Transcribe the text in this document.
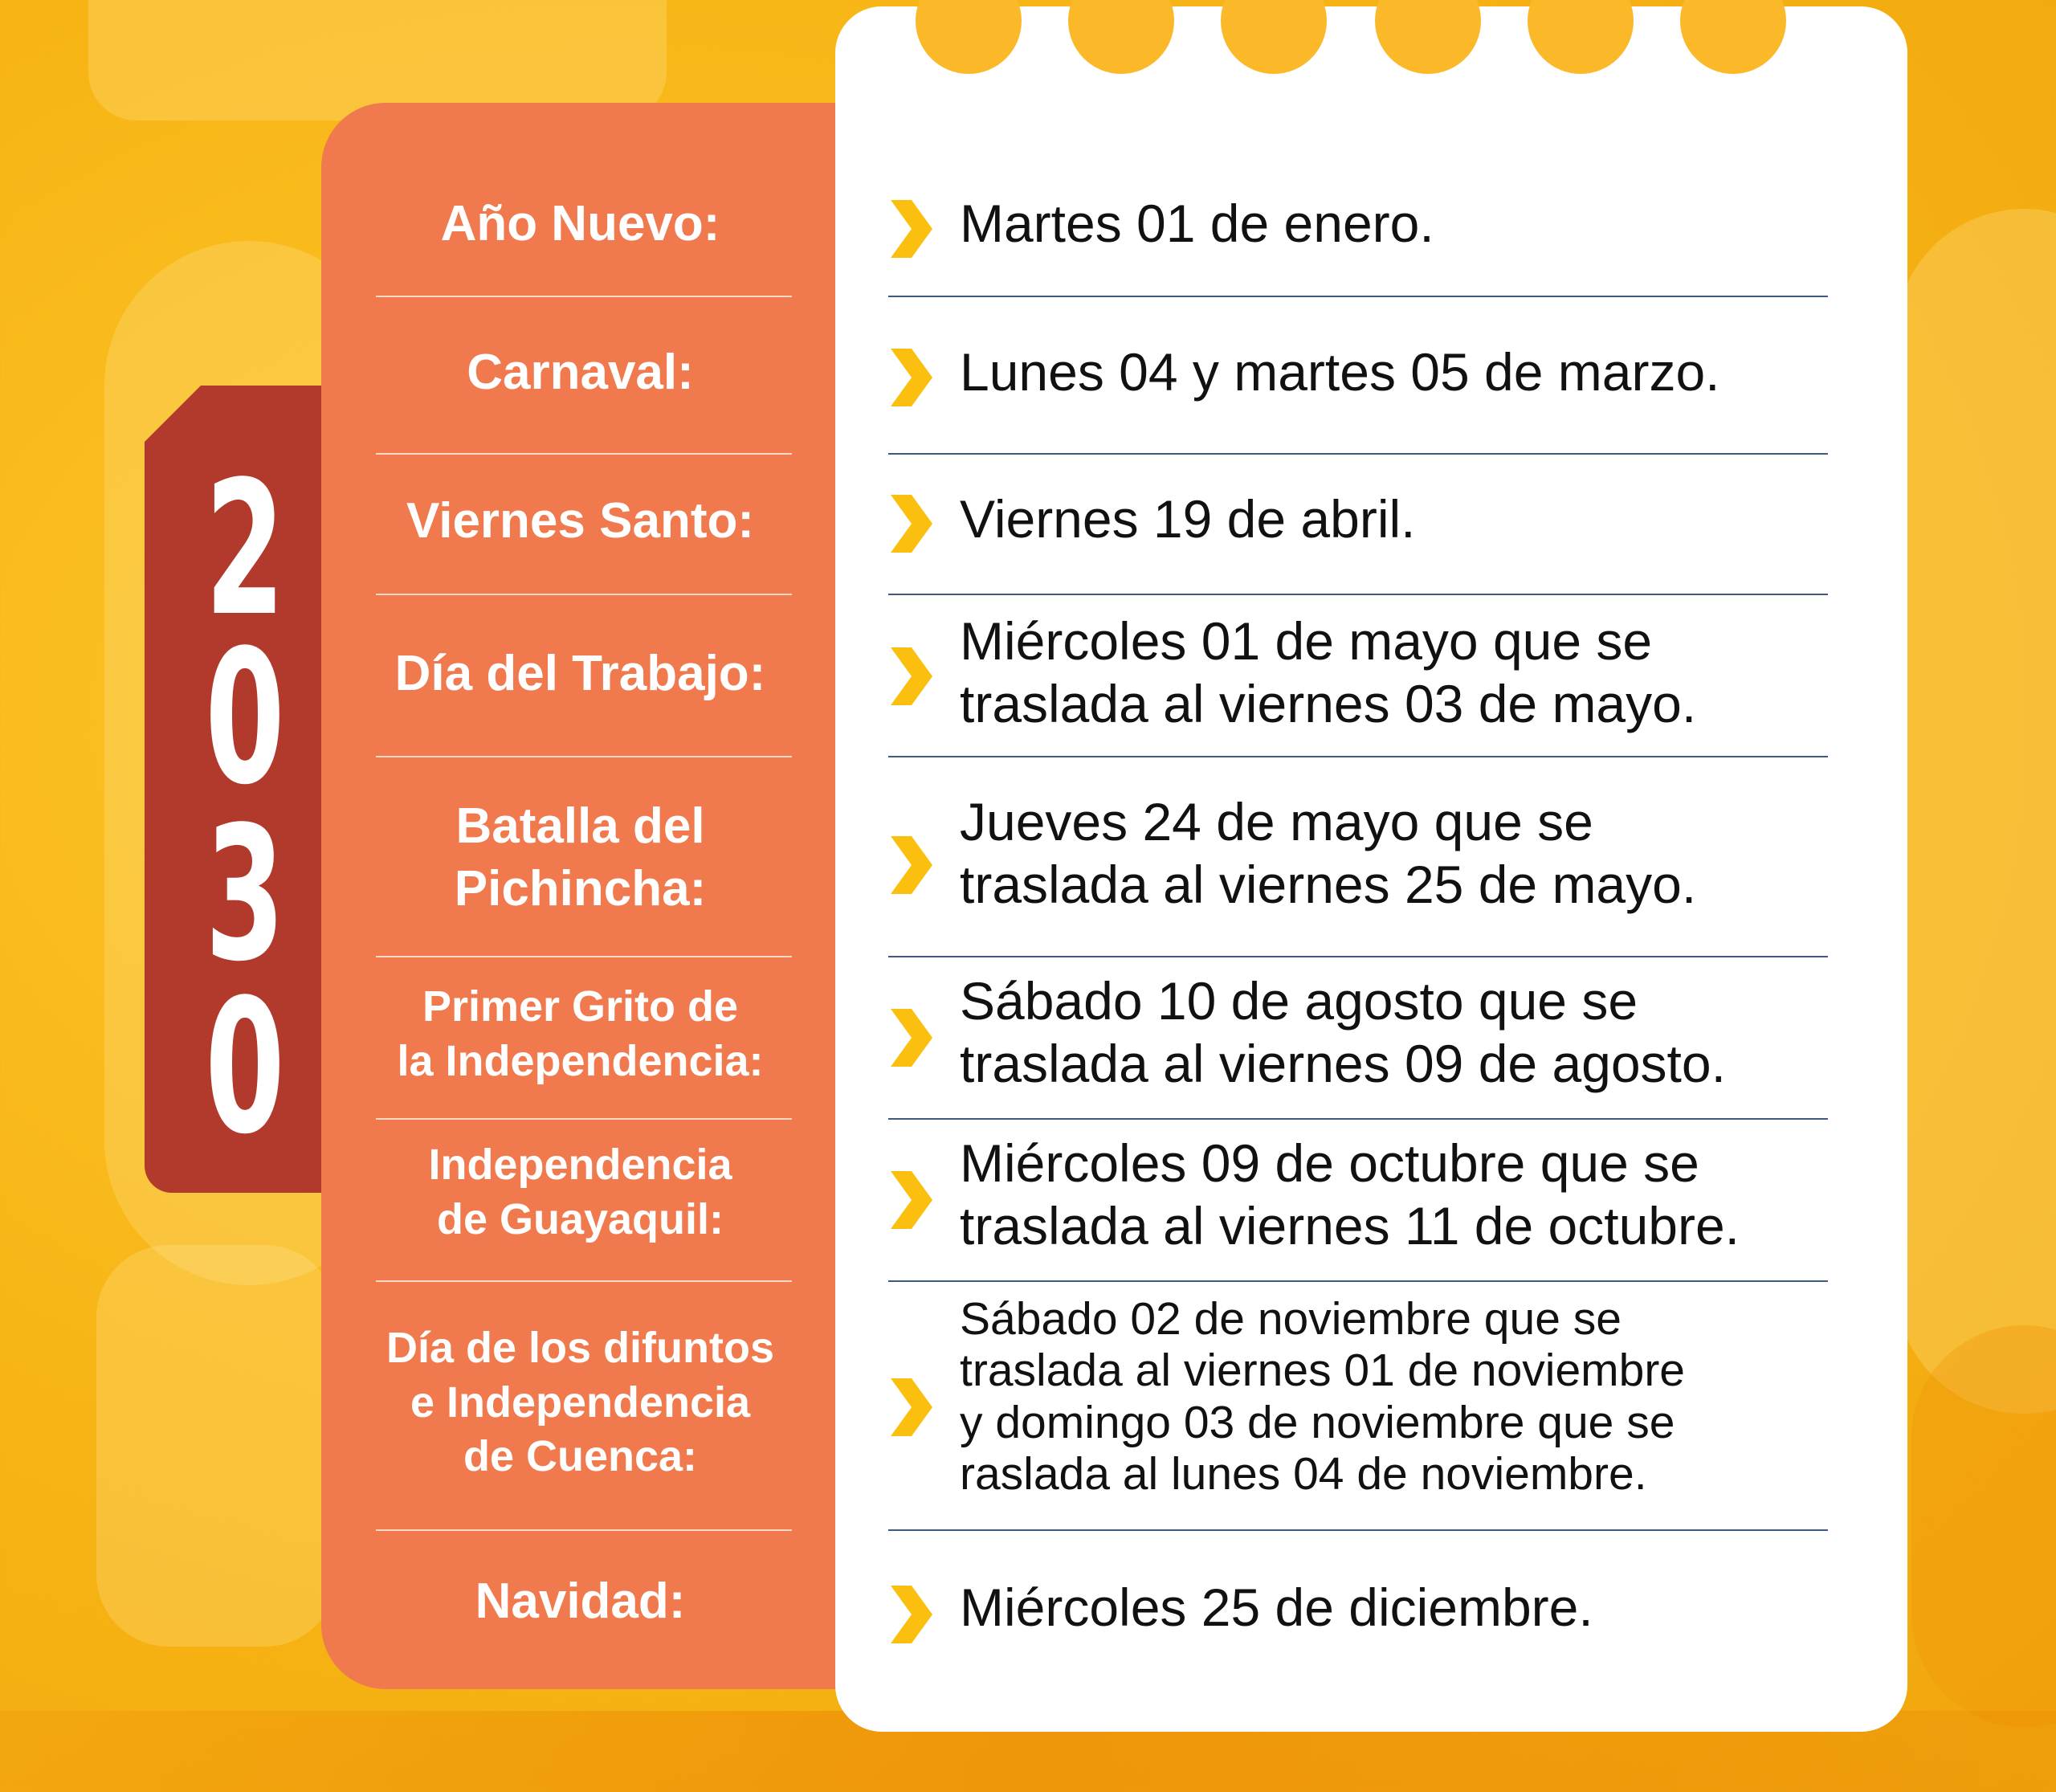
2
0
3
0
Año Nuevo:
Carnaval:
Viernes Santo:
Día del Trabajo:
Batalla del
Pichincha:
Primer Grito de
la Independencia:
Independencia
de Guayaquil:
Día de los difuntos
e Independencia
de Cuenca:
Navidad:
Martes 01 de enero.
Lunes 04 y martes 05 de marzo.
Viernes 19 de abril.
Miércoles 01 de mayo que se
traslada al viernes 03 de mayo.
Jueves 24 de mayo que se
traslada al viernes 25 de mayo.
Sábado 10 de agosto que se
traslada al viernes 09 de agosto.
Miércoles 09 de octubre que se
traslada al viernes 11 de octubre.
Sábado 02 de noviembre que se
traslada al viernes 01 de noviembre
y domingo 03 de noviembre que se
raslada al lunes 04 de noviembre.
Miércoles 25 de diciembre.
